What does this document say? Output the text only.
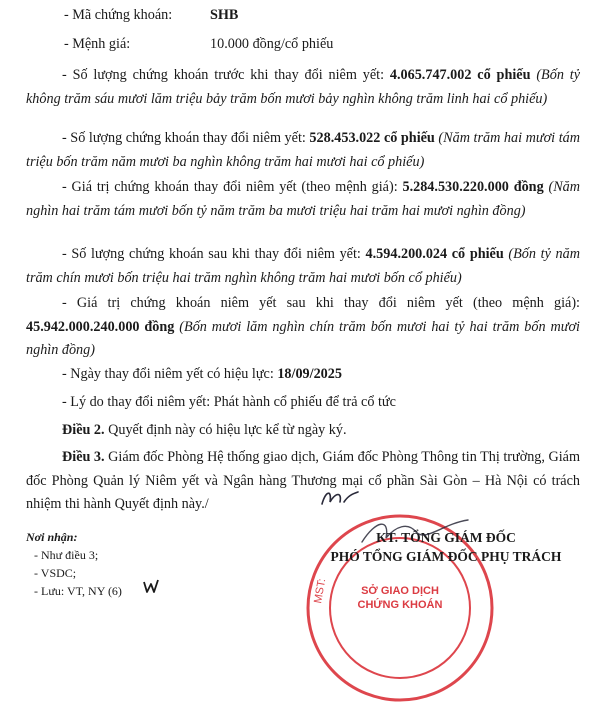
- Mã chứng khoán:	SHB
- Mệnh giá:	10.000 đồng/cổ phiếu
- Số lượng chứng khoán trước khi thay đổi niêm yết: 4.065.747.002 cổ phiếu (Bốn tỷ không trăm sáu mươi lăm triệu bảy trăm bốn mươi bảy nghìn không trăm linh hai cổ phiếu)
- Số lượng chứng khoán thay đổi niêm yết: 528.453.022 cổ phiếu (Năm trăm hai mươi tám triệu bốn trăm năm mươi ba nghìn không trăm hai mươi hai cổ phiếu)
- Giá trị chứng khoán thay đổi niêm yết (theo mệnh giá): 5.284.530.220.000 đồng (Năm nghìn hai trăm tám mươi bốn tỷ năm trăm ba mươi triệu hai trăm hai mươi nghìn đồng)
- Số lượng chứng khoán sau khi thay đổi niêm yết: 4.594.200.024 cổ phiếu (Bốn tỷ năm trăm chín mươi bốn triệu hai trăm nghìn không trăm hai mươi bốn cổ phiếu)
- Giá trị chứng khoán niêm yết sau khi thay đổi niêm yết (theo mệnh giá): 45.942.000.240.000 đồng (Bốn mươi lăm nghìn chín trăm bốn mươi hai tỷ hai trăm bốn mươi nghìn đồng)
- Ngày thay đổi niêm yết có hiệu lực: 18/09/2025
- Lý do thay đổi niêm yết: Phát hành cổ phiếu để trả cổ tức
Điều 2. Quyết định này có hiệu lực kể từ ngày ký.
Điều 3. Giám đốc Phòng Hệ thống giao dịch, Giám đốc Phòng Thông tin Thị trường, Giám đốc Phòng Quản lý Niêm yết và Ngân hàng Thương mại cổ phần Sài Gòn – Hà Nội có trách nhiệm thi hành Quyết định này./
Nơi nhận:
- Như điều 3;
- VSDC;
- Lưu: VT, NY (6)	MST:	SỞ GIAO DỊCH
CHỨNG KHOÁN
KT. TỔNG GIÁM ĐỐC
PHÓ TỔNG GIÁM ĐỐC PHỤ TRÁCH
